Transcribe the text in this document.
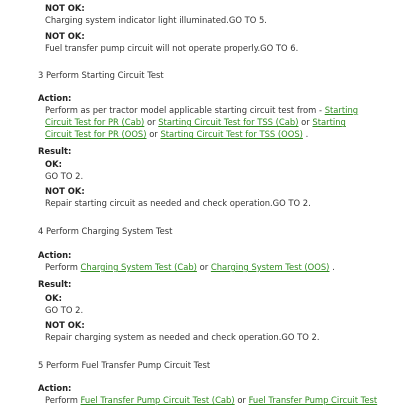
NOT OK:
Charging system indicator light illuminated.GO TO 5.
NOT OK:
Fuel transfer pump circuit will not operate properly.GO TO 6.
3 Perform Starting Circuit Test
Action:
Perform as per tractor model applicable starting circuit test from - Starting Circuit Test for PR (Cab) or Starting Circuit Test for TSS (Cab) or Starting Circuit Test for PR (OOS) or Starting Circuit Test for TSS (OOS) .
Result:
OK:
GO TO 2.
NOT OK:
Repair starting circuit as needed and check operation.GO TO 2.
4 Perform Charging System Test
Action:
Perform Charging System Test (Cab) or Charging System Test (OOS) .
Result:
OK:
GO TO 2.
NOT OK:
Repair charging system as needed and check operation.GO TO 2.
5 Perform Fuel Transfer Pump Circuit Test
Action:
Perform Fuel Transfer Pump Circuit Test (Cab) or Fuel Transfer Pump Circuit Test
